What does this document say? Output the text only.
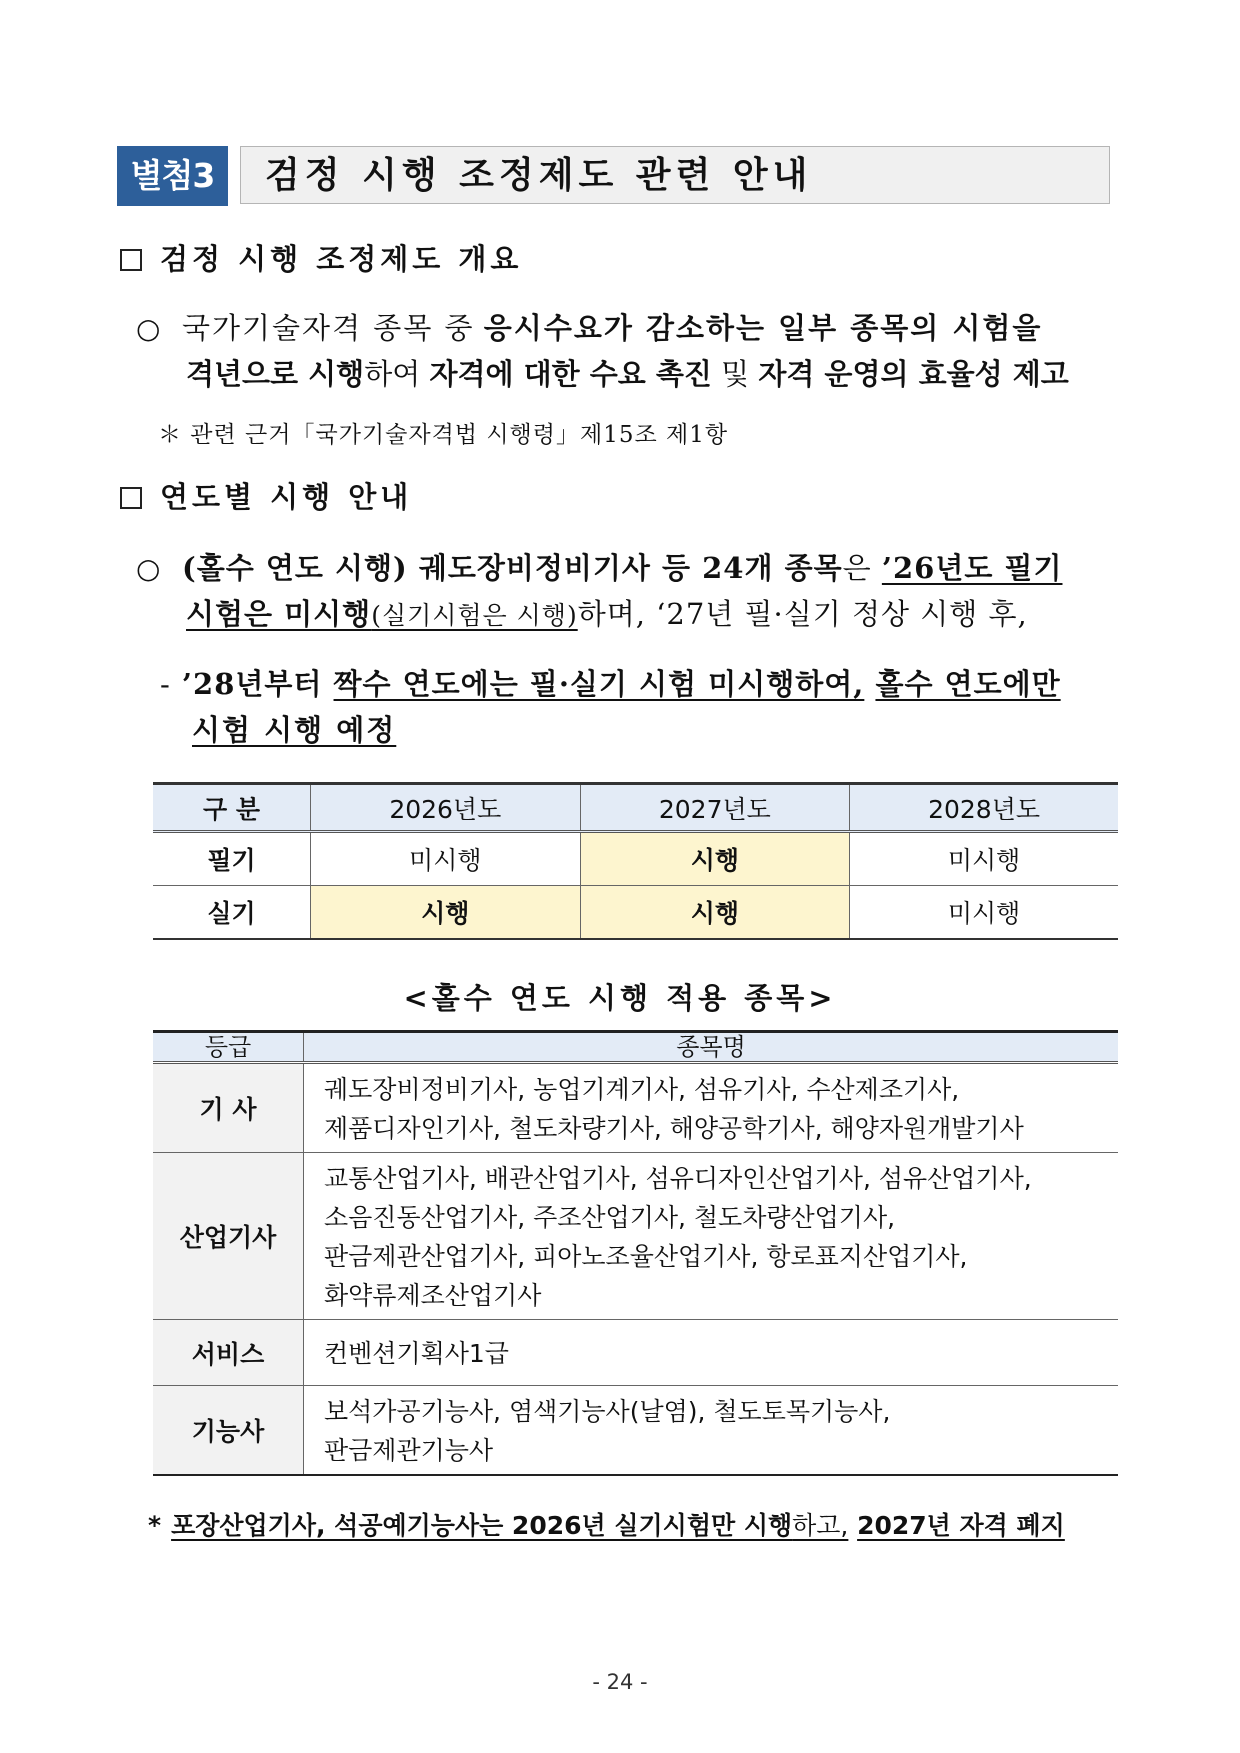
별첨3	검정 시행 조정제도 관련 안내
검정 시행 조정제도 개요
○ 국가기술자격 종목 중 응시수요가 감소하는 일부 종목의 시험을
격년으로 시행하여 자격에 대한 수요 촉진 및 자격 운영의 효율성 제고
＊ 관련 근거「국가기술자격법 시행령」제15조 제1항
연도별 시행 안내
○ (홀수 연도 시행) 궤도장비정비기사 등 24개 종목은 ’26년도 필기
시험은 미시행(실기시험은 시행)하며, ‘27년 필·실기 정상 시행 후,
- ’28년부터 짝수 연도에는 필·실기 시험 미시행하여, 홀수 연도에만
시험 시행 예정
구 분	2026년도	2027년도	2028년도
필기	미시행	시행	미시행
실기	시행	시행	미시행
<홀수 연도 시행 적용 종목>
등급	종목명
기 사	궤도장비정비기사, 농업기계기사, 섬유기사, 수산제조기사,
제품디자인기사, 철도차량기사, 해양공학기사, 해양자원개발기사

산업기사	교통산업기사, 배관산업기사, 섬유디자인산업기사, 섬유산업기사,
소음진동산업기사, 주조산업기사, 철도차량산업기사,
판금제관산업기사, 피아노조율산업기사, 항로표지산업기사,
화약류제조산업기사

서비스	컨벤션기획사1급

기능사	보석가공기능사, 염색기능사(날염), 철도토목기능사,
판금제관기능사
* 포장산업기사, 석공예기능사는 2026년 실기시험만 시행하고, 2027년 자격 폐지
- 24 -
